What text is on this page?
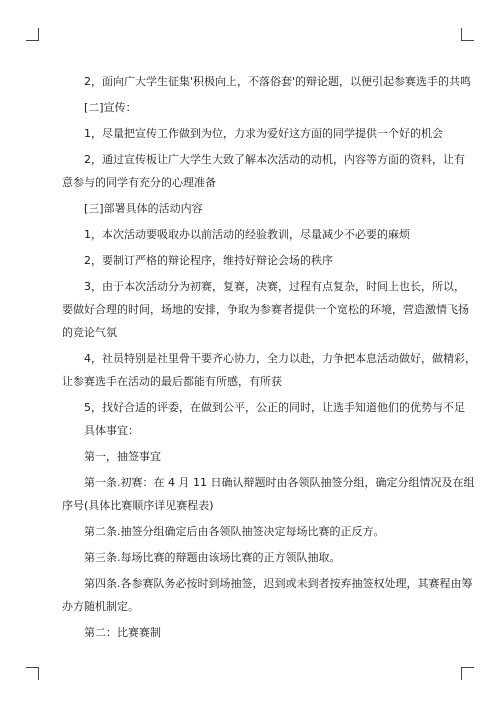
2，面向广大学生征集'积极向上，不落俗套'的辩论题，以便引起参赛选手的共鸣

[二]宣传：

1，尽量把宣传工作做到为位，力求为爱好这方面的同学提供一个好的机会

2，通过宣传板让广大学生大致了解本次活动的动机，内容等方面的资料，让有

意参与的同学有充分的心理准备

[三]部署具体的活动内容

1，本次活动要吸取办以前活动的经验教训，尽量减少不必要的麻烦

2，要制订严格的辩论程序，维持好辩论会场的秩序

3，由于本次活动分为初赛，复赛，决赛，过程有点复杂，时间上也长，所以，

要做好合理的时间，场地的安排，争取为参赛者提供一个宽松的环境，营造激情飞扬

的竞论气氛

4，社员特别是社里骨干要齐心协力，全力以赴，力争把本息活动做好，做精彩，

让参赛选手在活动的最后都能有所感，有所获

5，找好合适的评委，在做到公平，公正的同时，让选手知道他们的优势与不足

具体事宜：

第一，抽签事宜

第一条.初赛：在 4 月 11 日确认辩题时由各领队抽签分组，确定分组情况及在组

序号(具体比赛顺序详见赛程表)

第二条.抽签分组确定后由各领队抽签决定每场比赛的正反方。

第三条.每场比赛的辩题由该场比赛的正方领队抽取。

第四条.各参赛队务必按时到场抽签，迟到或未到者按弃抽签权处理，其赛程由筹

办方随机制定。

第二：比赛赛制
